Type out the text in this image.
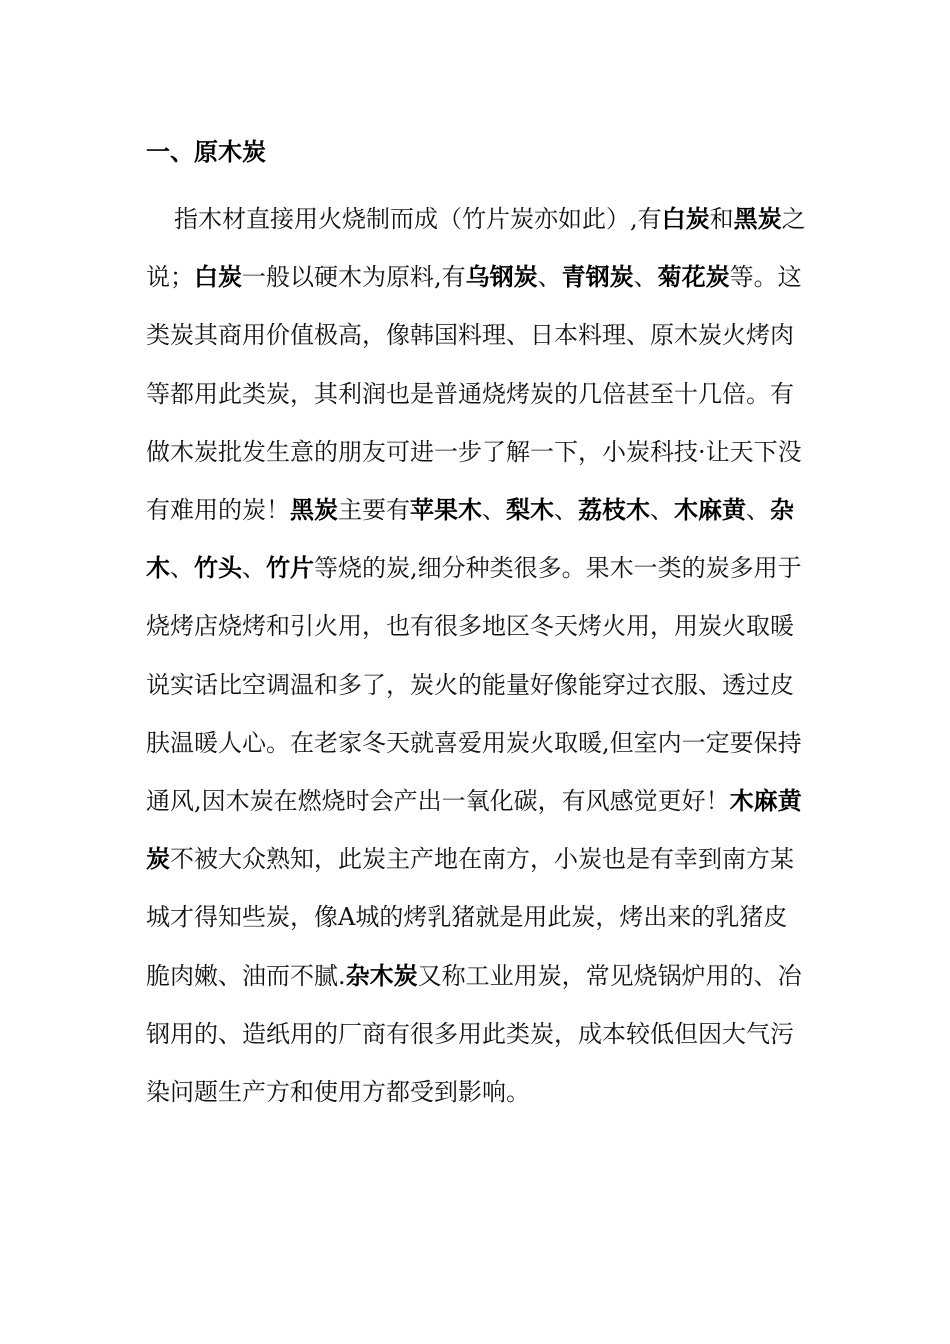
一、原木炭

指木材直接用火烧制而成（竹片炭亦如此）,有白炭和黑炭之说；白炭一般以硬木为原料,有乌钢炭、青钢炭、菊花炭等。这类炭其商用价值极高，像韩国料理、日本料理、原木炭火烤肉等都用此类炭，其利润也是普通烧烤炭的几倍甚至十几倍。有做木炭批发生意的朋友可进一步了解一下，小炭科技·让天下没有难用的炭！黑炭主要有苹果木、梨木、荔枝木、木麻黄、杂木、竹头、竹片等烧的炭,细分种类很多。果木一类的炭多用于烧烤店烧烤和引火用，也有很多地区冬天烤火用，用炭火取暖说实话比空调温和多了，炭火的能量好像能穿过衣服、透过皮肤温暖人心。在老家冬天就喜爱用炭火取暖,但室内一定要保持通风,因木炭在燃烧时会产出一氧化碳，有风感觉更好！木麻黄炭不被大众熟知，此炭主产地在南方，小炭也是有幸到南方某城才得知些炭，像A城的烤乳猪就是用此炭，烤出来的乳猪皮脆肉嫩、油而不腻.杂木炭又称工业用炭，常见烧锅炉用的、冶钢用的、造纸用的厂商有很多用此类炭，成本较低但因大气污染问题生产方和使用方都受到影响。
